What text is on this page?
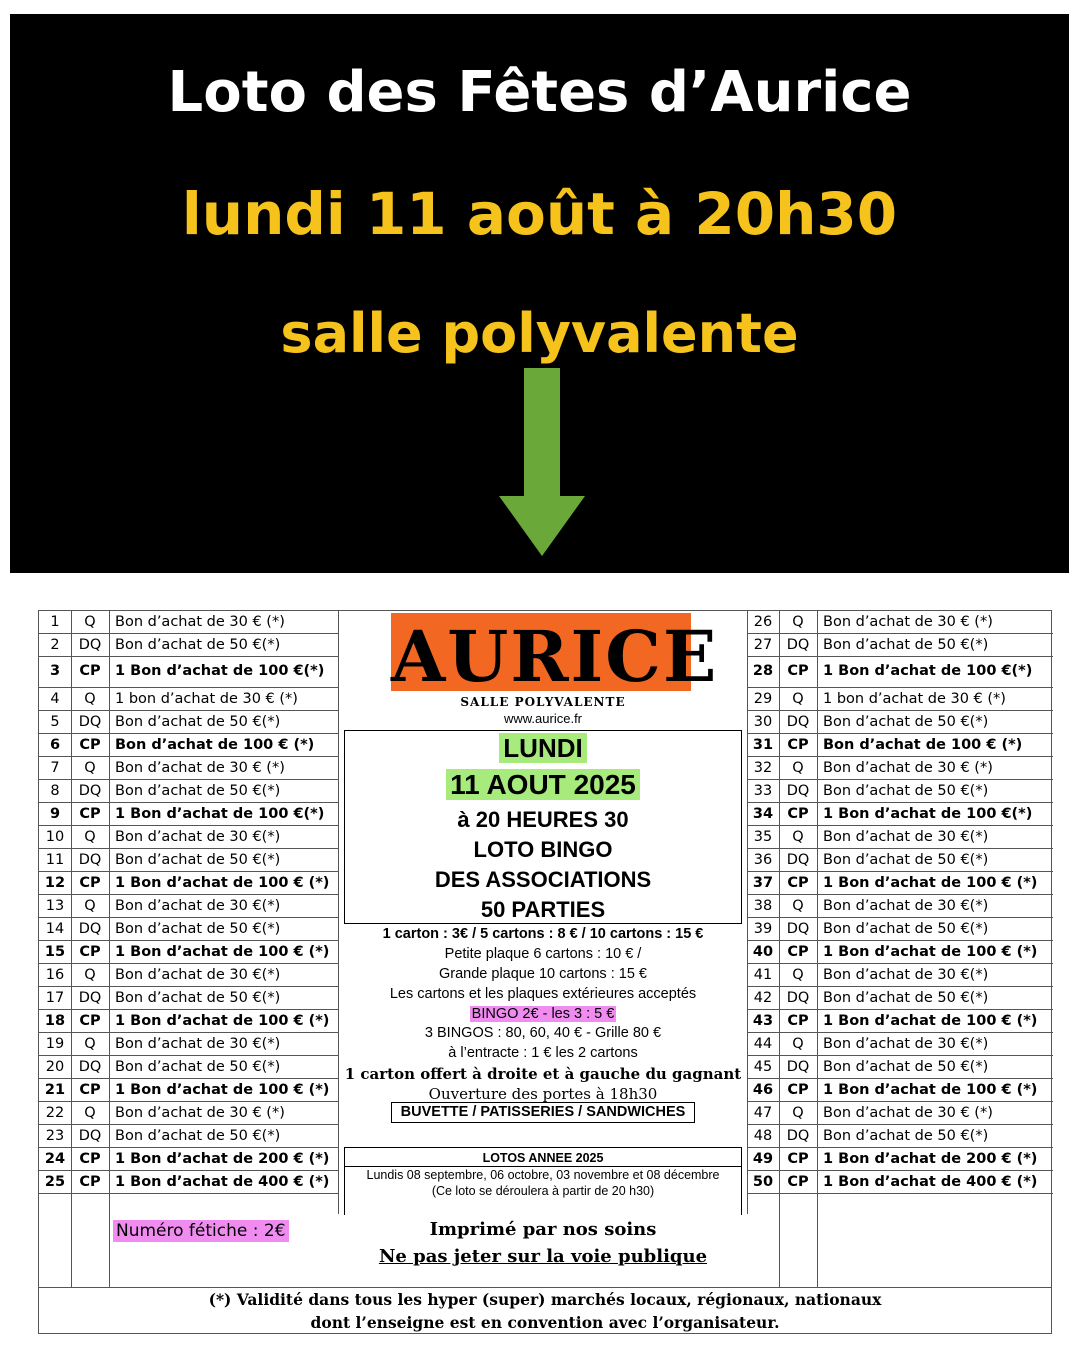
Loto des Fêtes d’Aurice
lundi 11 août à 20h30
salle polyvalente
1	Q	Bon d’achat de 30 € (*)
2	DQ Bon d’achat de 50 €(*)
3	CP 1 Bon d’achat de 100 €(*)
4	Q	1 bon d’achat de 30 € (*)
5	DQ Bon d’achat de 50 €(*)
6	CP Bon d’achat de 100 € (*)
7	Q	Bon d’achat de 30 € (*)
8	DQ Bon d’achat de 50 €(*)
9	CP 1 Bon d’achat de 100 €(*)
10	Q	Bon d’achat de 30 €(*)
11 DQ Bon d’achat de 50 €(*)
12 CP 1 Bon d’achat de 100 € (*)
13	Q	Bon d’achat de 30 €(*)
14 DQ Bon d’achat de 50 €(*)
15 CP 1 Bon d’achat de 100 € (*)
16	Q	Bon d’achat de 30 €(*)
17 DQ Bon d’achat de 50 €(*)
18 CP 1 Bon d’achat de 100 € (*)
19	Q	Bon d’achat de 30 €(*)
20 DQ Bon d’achat de 50 €(*)
21 CP 1 Bon d’achat de 100 € (*)
22	Q	Bon d’achat de 30 € (*)
23 DQ Bon d’achat de 50 €(*)
24 CP 1 Bon d’achat de 200 € (*)
25 CP 1 Bon d’achat de 400 € (*)
26	Q	Bon d’achat de 30 € (*)
27 DQ Bon d’achat de 50 €(*)
28 CP 1 Bon d’achat de 100 €(*)
29	Q	1 bon d’achat de 30 € (*)
30 DQ Bon d’achat de 50 €(*)
31 CP Bon d’achat de 100 € (*)
32	Q	Bon d’achat de 30 € (*)
33 DQ Bon d’achat de 50 €(*)
34 CP 1 Bon d’achat de 100 €(*)
35	Q	Bon d’achat de 30 €(*)
36 DQ Bon d’achat de 50 €(*)
37 CP 1 Bon d’achat de 100 € (*)
38	Q	Bon d’achat de 30 €(*)
39 DQ Bon d’achat de 50 €(*)
40 CP 1 Bon d’achat de 100 € (*)
41	Q	Bon d’achat de 30 €(*)
42 DQ Bon d’achat de 50 €(*)
43 CP 1 Bon d’achat de 100 € (*)
44	Q	Bon d’achat de 30 €(*)
45 DQ Bon d’achat de 50 €(*)
46 CP 1 Bon d’achat de 100 € (*)
47	Q	Bon d’achat de 30 € (*)
48 DQ Bon d’achat de 50 €(*)
49 CP 1 Bon d’achat de 200 € (*)
50 CP 1 Bon d’achat de 400 € (*)
AURICE
SALLE POLYVALENTE
www.aurice.fr
LUNDI
11 AOUT 2025
à 20 HEURES 30
LOTO BINGO
DES ASSOCIATIONS
50 PARTIES
1 carton : 3€ / 5 cartons : 8 € / 10 cartons : 15 €
Petite plaque 6 cartons : 10 € /
Grande plaque 10 cartons : 15 €
Les cartons et les plaques extérieures acceptés
BINGO 2€ - les 3 : 5 €
3 BINGOS : 80, 60, 40 € - Grille 80 €
à l’entracte : 1 € les 2 cartons
1 carton offert à droite et à gauche du gagnant
Ouverture des portes à 18h30
BUVETTE / PATISSERIES / SANDWICHES
LOTOS ANNEE 2025
Lundis 08 septembre, 06 octobre, 03 novembre et 08 décembre
(Ce loto se déroulera à partir de 20 h30)
Numéro fétiche : 2€	Imprimé par nos soins
Ne pas jeter sur la voie publique
(*) Validité dans tous les hyper (super) marchés locaux, régionaux, nationaux
dont l’enseigne est en convention avec l’organisateur.
